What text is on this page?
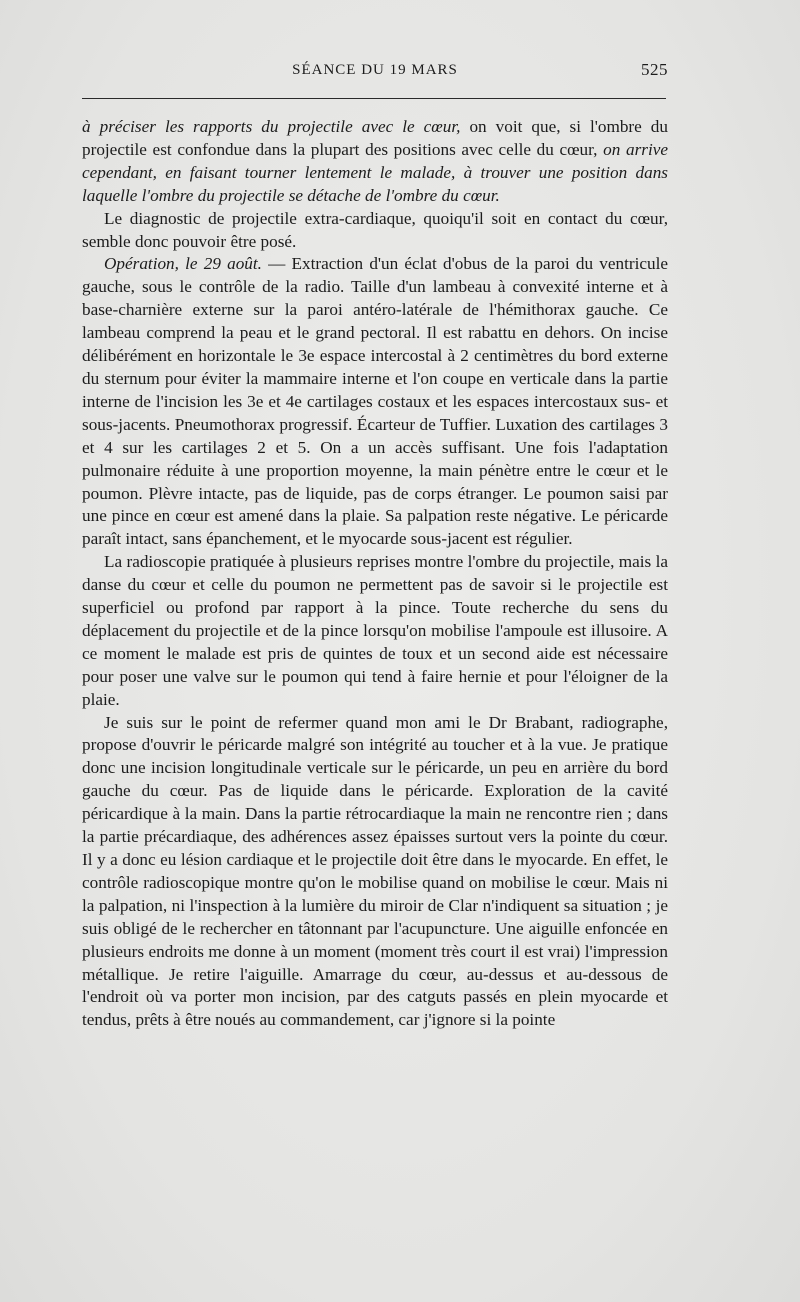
SÉANCE DU 19 MARS	525

à préciser les rapports du projectile avec le cœur, on voit que, si l'ombre du projectile est confondue dans la plupart des positions avec celle du cœur, on arrive cependant, en faisant tourner lentement le malade, à trouver une position dans laquelle l'ombre du projectile se détache de l'ombre du cœur.

Le diagnostic de projectile extra-cardiaque, quoiqu'il soit en contact du cœur, semble donc pouvoir être posé.

Opération, le 29 août. — Extraction d'un éclat d'obus de la paroi du ventricule gauche, sous le contrôle de la radio. Taille d'un lambeau à convexité interne et à base-charnière externe sur la paroi antéro-latérale de l'hémithorax gauche. Ce lambeau comprend la peau et le grand pectoral. Il est rabattu en dehors. On incise délibérément en horizontale le 3e espace intercostal à 2 centimètres du bord externe du sternum pour éviter la mammaire interne et l'on coupe en verticale dans la partie interne de l'incision les 3e et 4e cartilages costaux et les espaces intercostaux sus- et sous-jacents. Pneumothorax progressif. Écarteur de Tuffier. Luxation des cartilages 3 et 4 sur les cartilages 2 et 5. On a un accès suffisant. Une fois l'adaptation pulmonaire réduite à une proportion moyenne, la main pénètre entre le cœur et le poumon. Plèvre intacte, pas de liquide, pas de corps étranger. Le poumon saisi par une pince en cœur est amené dans la plaie. Sa palpation reste négative. Le péricarde paraît intact, sans épanchement, et le myocarde sous-jacent est régulier.

La radioscopie pratiquée à plusieurs reprises montre l'ombre du projectile, mais la danse du cœur et celle du poumon ne permettent pas de savoir si le projectile est superficiel ou profond par rapport à la pince. Toute recherche du sens du déplacement du projectile et de la pince lorsqu'on mobilise l'ampoule est illusoire. A ce moment le malade est pris de quintes de toux et un second aide est nécessaire pour poser une valve sur le poumon qui tend à faire hernie et pour l'éloigner de la plaie.

Je suis sur le point de refermer quand mon ami le Dr Brabant, radiographe, propose d'ouvrir le péricarde malgré son intégrité au toucher et à la vue. Je pratique donc une incision longitudinale verticale sur le péricarde, un peu en arrière du bord gauche du cœur. Pas de liquide dans le péricarde. Exploration de la cavité péricardique à la main. Dans la partie rétrocardiaque la main ne rencontre rien ; dans la partie précardiaque, des adhérences assez épaisses surtout vers la pointe du cœur. Il y a donc eu lésion cardiaque et le projectile doit être dans le myocarde. En effet, le contrôle radioscopique montre qu'on le mobilise quand on mobilise le cœur. Mais ni la palpation, ni l'inspection à la lumière du miroir de Clar n'indiquent sa situation ; je suis obligé de le rechercher en tâtonnant par l'acupuncture. Une aiguille enfoncée en plusieurs endroits me donne à un moment (moment très court il est vrai) l'impression métallique. Je retire l'aiguille. Amarrage du cœur, au-dessus et au-dessous de l'endroit où va porter mon incision, par des catguts passés en plein myocarde et tendus, prêts à être noués au commandement, car j'ignore si la pointe
